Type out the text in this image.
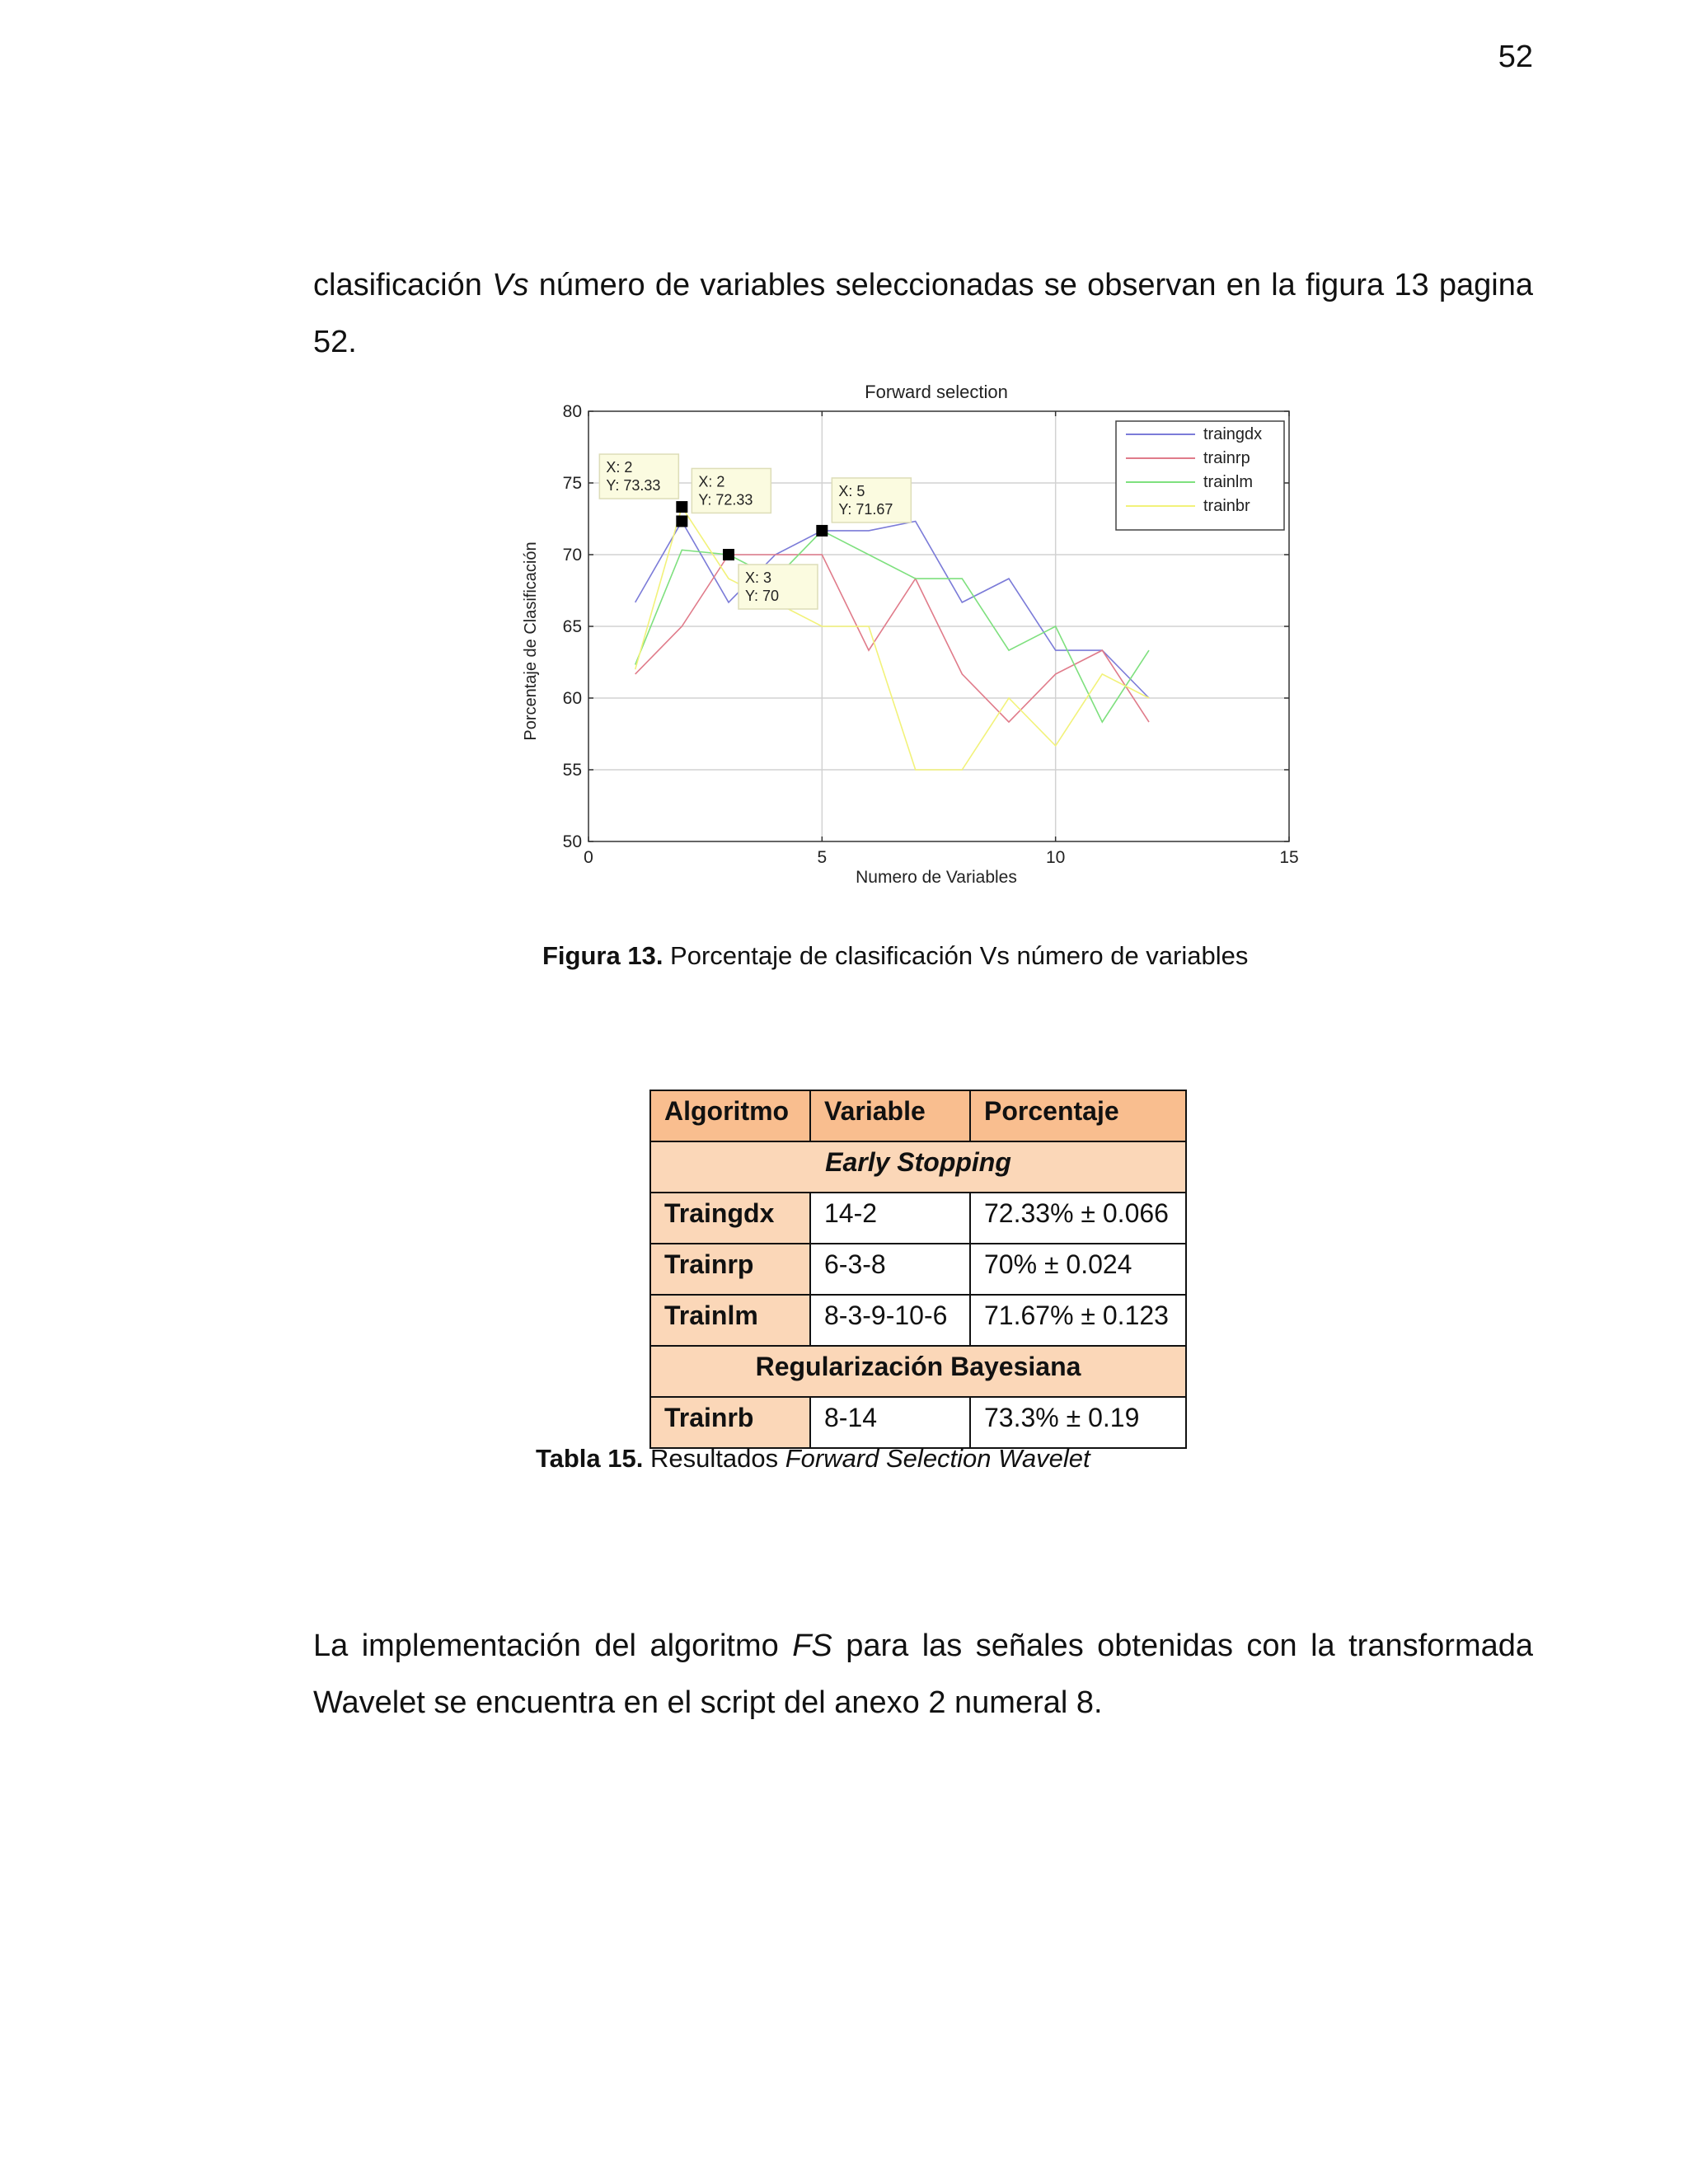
52

clasificación Vs número de variables seleccionadas se observan en la figura 13 pagina 52.

0	5	10	15
50
55
60
65
70
75
80
X: 2
Y: 73.33	X: 2
Y: 72.33
X: 3
Y: 70
X: 5
Y: 71.67
traingdx
trainrp
trainlm
trainbr
Forward selection
Numero de Variables
Porcentaje de Clasificación
Figura 13. Porcentaje de clasificación Vs número de variables
Algoritmo	Variable	Porcentaje
Early Stopping		
Traingdx	14-2	72.33% ± 0.066
Trainrp	6-3-8	70% ± 0.024
Trainlm	8-3-9-10-6	71.67% ± 0.123
Regularización Bayesiana		
Trainrb	8-14	73.3% ± 0.19
Tabla 15. Resultados Forward Selection Wavelet

La implementación del algoritmo FS para las señales obtenidas con la transformada Wavelet se encuentra en el script del anexo 2 numeral 8.
